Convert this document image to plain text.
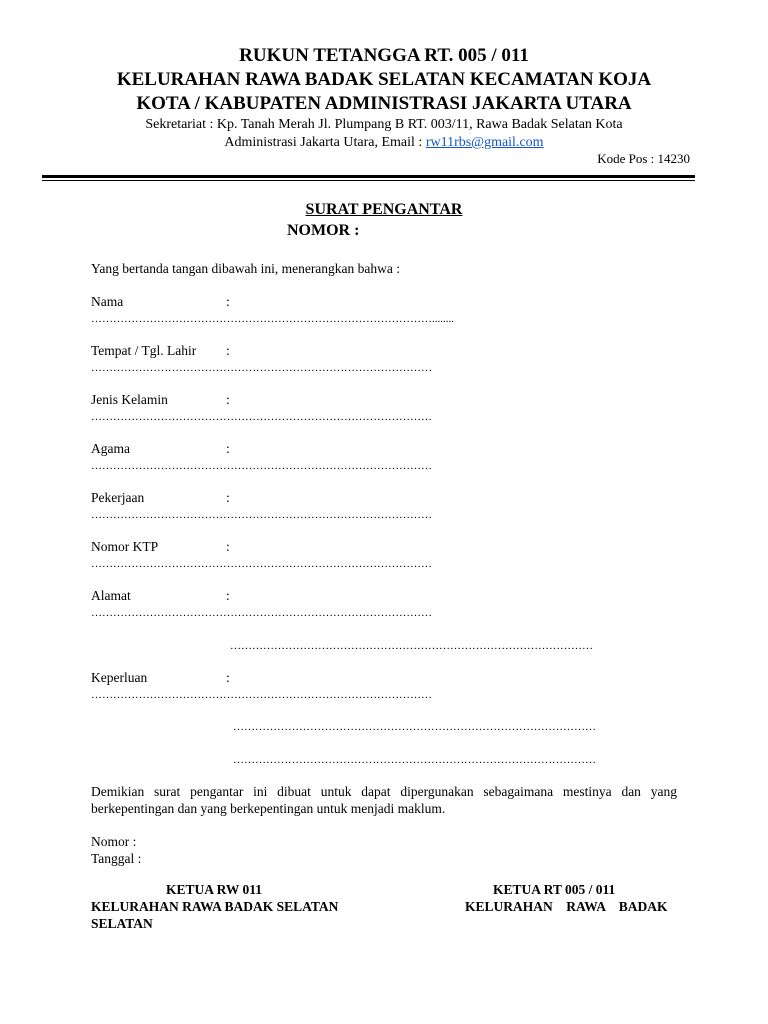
RUKUN TETANGGA RT. 005 / 011
KELURAHAN RAWA BADAK SELATAN KECAMATAN KOJA
KOTA / KABUPATEN ADMINISTRASI JAKARTA UTARA
Sekretariat : Kp. Tanah Merah Jl. Plumpang B RT. 003/11, Rawa Badak Selatan Kota
Administrasi Jakarta Utara, Email : rw11rbs@gmail.com
Kode Pos : 14230
SURAT PENGANTAR
NOMOR :
Yang bertanda tangan dibawah ini, menerangkan bahwa :
Nama	:
…………………………………………………………………………………........
Tempat / Tgl. Lahir :
…………………………………………………………………………………
Jenis Kelamin	:
…………………………………………………………………………………
Agama	:
…………………………………………………………………………………
Pekerjaan	:
…………………………………………………………………………………
Nomor KTP	:
…………………………………………………………………………………
Alamat	:
…………………………………………………………………………………
………………………………………………………………………………………
Keperluan	:
…………………………………………………………………………………
………………………………………………………………………………………
………………………………………………………………………………………
Demikian surat pengantar ini dibuat untuk dapat dipergunakan sebagaimana mestinya dan yang berkepentingan dan yang berkepentingan untuk menjadi maklum.
Nomor :
Tanggal :
KETUA RW 011
KELURAHAN RAWA BADAK SELATAN
SELATAN
KETUA RT 005 / 011
KELURAHAN    RAWA    BADAK
